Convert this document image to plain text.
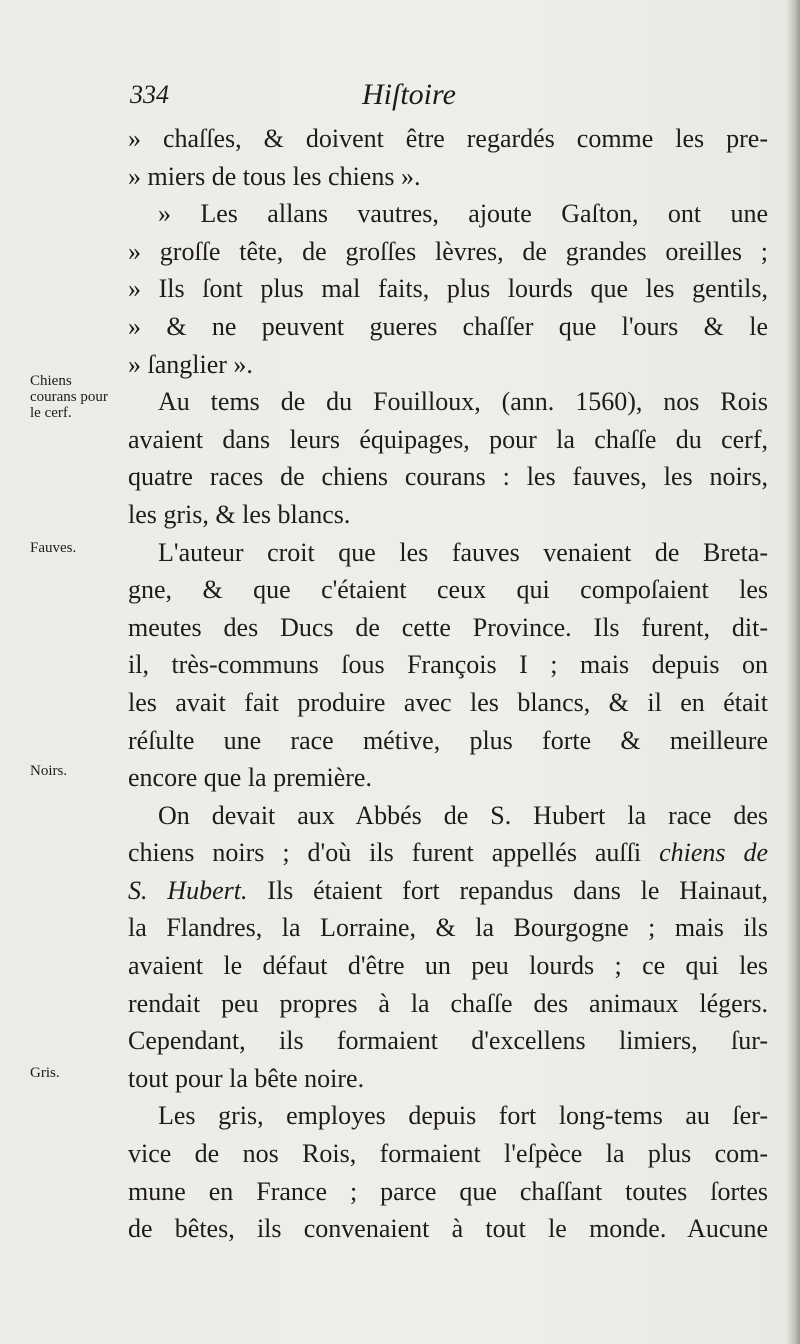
334	Hiſtoire
Chiens
courans pour
le cerf.
Fauves.
Noirs.
Gris.
» chaſſes, & doivent être regardés comme les pre-
» miers de tous les chiens ».
» Les allans vautres, ajoute Gaſton, ont une
» groſſe tête, de groſſes lèvres, de grandes oreilles ;
» Ils ſont plus mal faits, plus lourds que les gentils,
» & ne peuvent gueres chaſſer que l'ours & le
» ſanglier ».
Au tems de du Fouilloux, (ann. 1560), nos Rois
avaient dans leurs équipages, pour la chaſſe du cerf,
quatre races de chiens courans : les fauves, les noirs,
les gris, & les blancs.
L'auteur croit que les fauves venaient de Breta-
gne, & que c'étaient ceux qui compoſaient les
meutes des Ducs de cette Province. Ils furent, dit-
il, très-communs ſous François I ; mais depuis on
les avait fait produire avec les blancs, & il en était
réſulte une race métive, plus forte & meilleure
encore que la première.
On devait aux Abbés de S. Hubert la race des
chiens noirs ; d'où ils furent appellés auſſi chiens de
S. Hubert. Ils étaient fort repandus dans le Hainaut,
la Flandres, la Lorraine, & la Bourgogne ; mais ils
avaient le défaut d'être un peu lourds ; ce qui les
rendait peu propres à la chaſſe des animaux légers.
Cependant, ils formaient d'excellens limiers, ſur-
tout pour la bête noire.
Les gris, employes depuis fort long-tems au ſer-
vice de nos Rois, formaient l'eſpèce la plus com-
mune en France ; parce que chaſſant toutes ſortes
de bêtes, ils convenaient à tout le monde. Aucune
